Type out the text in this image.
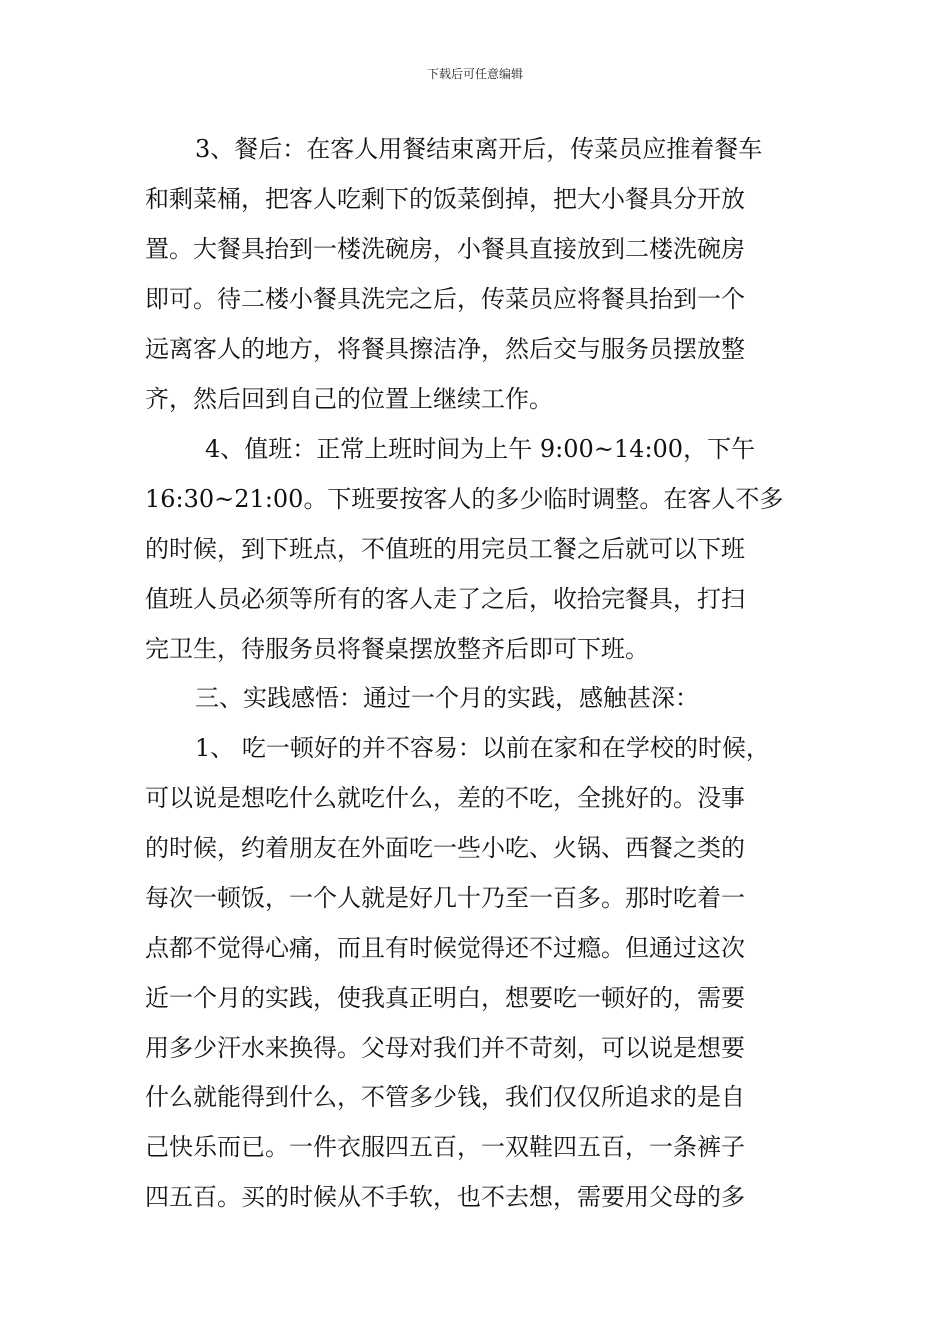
下载后可任意编辑
3、餐后：在客人用餐结束离开后，传菜员应推着餐车
和剩菜桶，把客人吃剩下的饭菜倒掉，把大小餐具分开放
置。大餐具抬到一楼洗碗房，小餐具直接放到二楼洗碗房
即可。待二楼小餐具洗完之后，传菜员应将餐具抬到一个
远离客人的地方，将餐具擦洁净，然后交与服务员摆放整
齐，然后回到自己的位置上继续工作。
4、值班：正常上班时间为上午 9:00~14:00，下午
16:30~21:00。下班要按客人的多少临时调整。在客人不多
的时候，到下班点，不值班的用完员工餐之后就可以下班
值班人员必须等所有的客人走了之后，收拾完餐具，打扫
完卫生，待服务员将餐桌摆放整齐后即可下班。
三、实践感悟：通过一个月的实践，感触甚深：
1、 吃一顿好的并不容易：以前在家和在学校的时候，
可以说是想吃什么就吃什么，差的不吃，全挑好的。没事
的时候，约着朋友在外面吃一些小吃、火锅、西餐之类的
每次一顿饭，一个人就是好几十乃至一百多。那时吃着一
点都不觉得心痛，而且有时候觉得还不过瘾。但通过这次
近一个月的实践，使我真正明白，想要吃一顿好的，需要
用多少汗水来换得。父母对我们并不苛刻，可以说是想要
什么就能得到什么，不管多少钱，我们仅仅所追求的是自
己快乐而已。一件衣服四五百，一双鞋四五百，一条裤子
四五百。买的时候从不手软，也不去想，需要用父母的多
